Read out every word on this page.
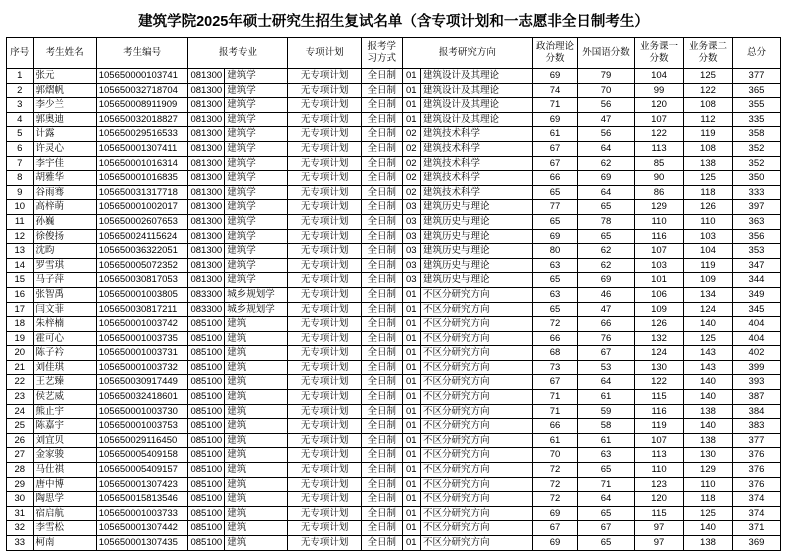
建筑学院2025年硕士研究生招生复试名单（含专项计划和一志愿非全日制考生）
序号	考生姓名	考生编号	报考专业		专项计划	报考学习方式	报考研究方向		政治理论分数	外国语分数	业务课一分数	业务课二分数	总分
1	张元	105650000103741	081300	建筑学	无专项计划	全日制	01	建筑设计及其理论	69	79	104	125	377
2	郭熠帆	105650032718704	081300	建筑学	无专项计划	全日制	01	建筑设计及其理论	74	70	99	122	365
3	李少兰	105650008911909	081300	建筑学	无专项计划	全日制	01	建筑设计及其理论	71	56	120	108	355
4	郭奥迪	105650032018827	081300	建筑学	无专项计划	全日制	01	建筑设计及其理论	69	47	107	112	335
5	计露	105650029516533	081300	建筑学	无专项计划	全日制	02	建筑技术科学	61	56	122	119	358
6	许灵心	105650001307411	081300	建筑学	无专项计划	全日制	02	建筑技术科学	67	64	113	108	352
7	李宇佳	105650001016314	081300	建筑学	无专项计划	全日制	02	建筑技术科学	67	62	85	138	352
8	胡雅华	105650001016835	081300	建筑学	无专项计划	全日制	02	建筑技术科学	66	69	90	125	350
9	谷雨骞	105650031317718	081300	建筑学	无专项计划	全日制	02	建筑技术科学	65	64	86	118	333
10	高梓萌	105650001002017	081300	建筑学	无专项计划	全日制	03	建筑历史与理论	77	65	129	126	397
11	孙巍	105650002607653	081300	建筑学	无专项计划	全日制	03	建筑历史与理论	65	78	110	110	363
12	徐俊扬	105650024115624	081300	建筑学	无专项计划	全日制	03	建筑历史与理论	69	65	116	103	356
13	沈昀	105650036322051	081300	建筑学	无专项计划	全日制	03	建筑历史与理论	80	62	107	104	353
14	罗雪琪	105650005072352	081300	建筑学	无专项计划	全日制	03	建筑历史与理论	63	62	103	119	347
15	马子萍	105650030817053	081300	建筑学	无专项计划	全日制	03	建筑历史与理论	65	69	101	109	344
16	张智禹	105650001003805	083300	城乡规划学	无专项计划	全日制	01	不区分研究方向	63	46	106	134	349
17	闫文菲	105650030817211	083300	城乡规划学	无专项计划	全日制	01	不区分研究方向	65	47	109	124	345
18	朱梓楠	105650001003742	085100	建筑	无专项计划	全日制	01	不区分研究方向	72	66	126	140	404
19	霍可心	105650001003735	085100	建筑	无专项计划	全日制	01	不区分研究方向	66	76	132	125	404
20	陈子衿	105650001003731	085100	建筑	无专项计划	全日制	01	不区分研究方向	68	67	124	143	402
21	刘佳琪	105650001003732	085100	建筑	无专项计划	全日制	01	不区分研究方向	73	53	130	143	399
22	王艺臻	105650030917449	085100	建筑	无专项计划	全日制	01	不区分研究方向	67	64	122	140	393
23	侯艺威	105650032418601	085100	建筑	无专项计划	全日制	01	不区分研究方向	71	61	115	140	387
24	熊止宇	105650001003730	085100	建筑	无专项计划	全日制	01	不区分研究方向	71	59	116	138	384
25	陈嘉宇	105650001003753	085100	建筑	无专项计划	全日制	01	不区分研究方向	66	58	119	140	383
26	刘宜贝	105650029116450	085100	建筑	无专项计划	全日制	01	不区分研究方向	61	61	107	138	377
27	金家骏	105650005409158	085100	建筑	无专项计划	全日制	01	不区分研究方向	70	63	113	130	376
28	马仕祺	105650005409157	085100	建筑	无专项计划	全日制	01	不区分研究方向	72	65	110	129	376
29	唐中博	105650001307423	085100	建筑	无专项计划	全日制	01	不区分研究方向	72	71	123	110	376
30	陶思学	105650015813546	085100	建筑	无专项计划	全日制	01	不区分研究方向	72	64	120	118	374
31	宿启航	105650001003733	085100	建筑	无专项计划	全日制	01	不区分研究方向	69	65	115	125	374
32	李雪松	105650001307442	085100	建筑	无专项计划	全日制	01	不区分研究方向	67	67	97	140	371
33	柯南	105650001307435	085100	建筑	无专项计划	全日制	01	不区分研究方向	69	65	97	138	369
